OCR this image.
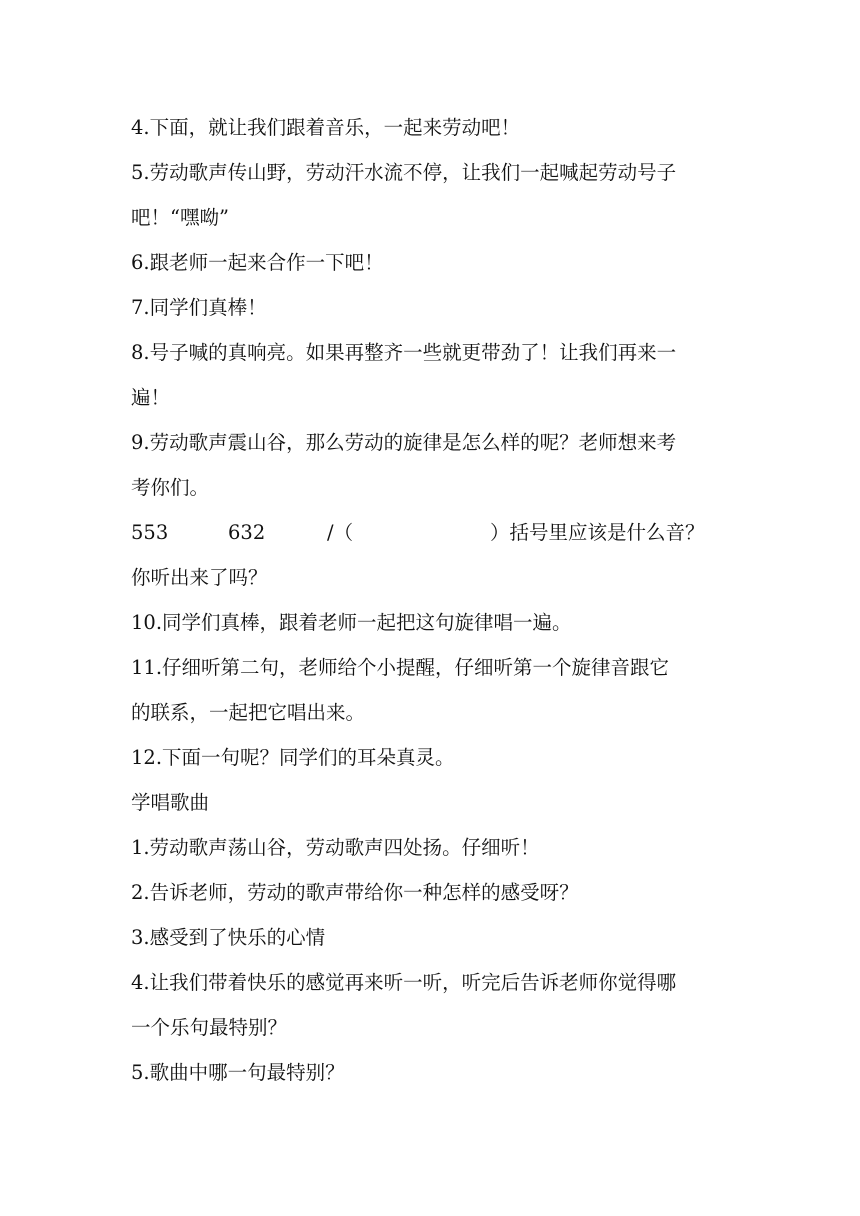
4.下面，就让我们跟着音乐，一起来劳动吧！
5.劳动歌声传山野，劳动汗水流不停，让我们一起喊起劳动号子
吧！“嘿呦”
6.跟老师一起来合作一下吧！
7.同学们真棒！
8.号子喊的真响亮。如果再整齐一些就更带劲了！让我们再来一
遍！
9.劳动歌声震山谷，那么劳动的旋律是怎么样的呢？老师想来考
考你们。
553	632	/（	）括号里应该是什么音？
你听出来了吗？
10.同学们真棒，跟着老师一起把这句旋律唱一遍。
11.仔细听第二句，老师给个小提醒，仔细听第一个旋律音跟它
的联系，一起把它唱出来。
12.下面一句呢？同学们的耳朵真灵。
学唱歌曲
1.劳动歌声荡山谷，劳动歌声四处扬。仔细听！
2.告诉老师，劳动的歌声带给你一种怎样的感受呀？
3.感受到了快乐的心情
4.让我们带着快乐的感觉再来听一听，听完后告诉老师你觉得哪
一个乐句最特别？
5.歌曲中哪一句最特别？
